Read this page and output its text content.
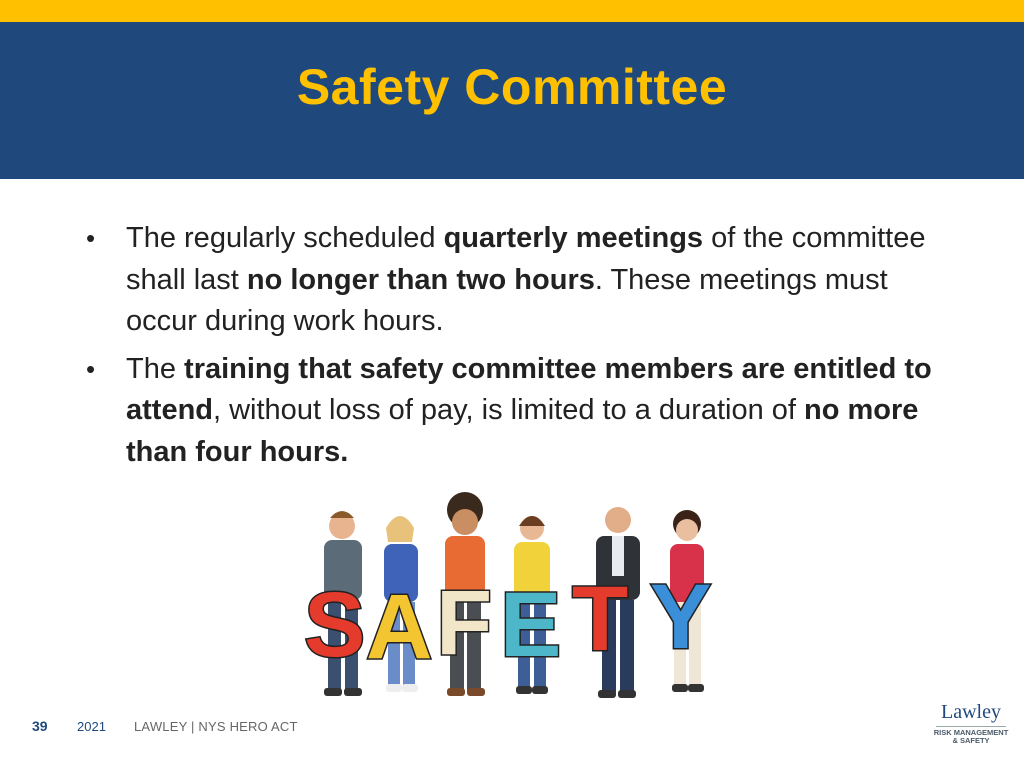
Safety Committee
• The regularly scheduled quarterly meetings of the committee shall last no longer than two hours. These meetings must occur during work hours.
• The training that safety committee members are entitled to attend, without loss of pay, is limited to a duration of no more than four hours.
S A F E T Y
39 2021 LAWLEY | NYS HERO ACT
Lawley
RISK MANAGEMENT
& SAFETY
